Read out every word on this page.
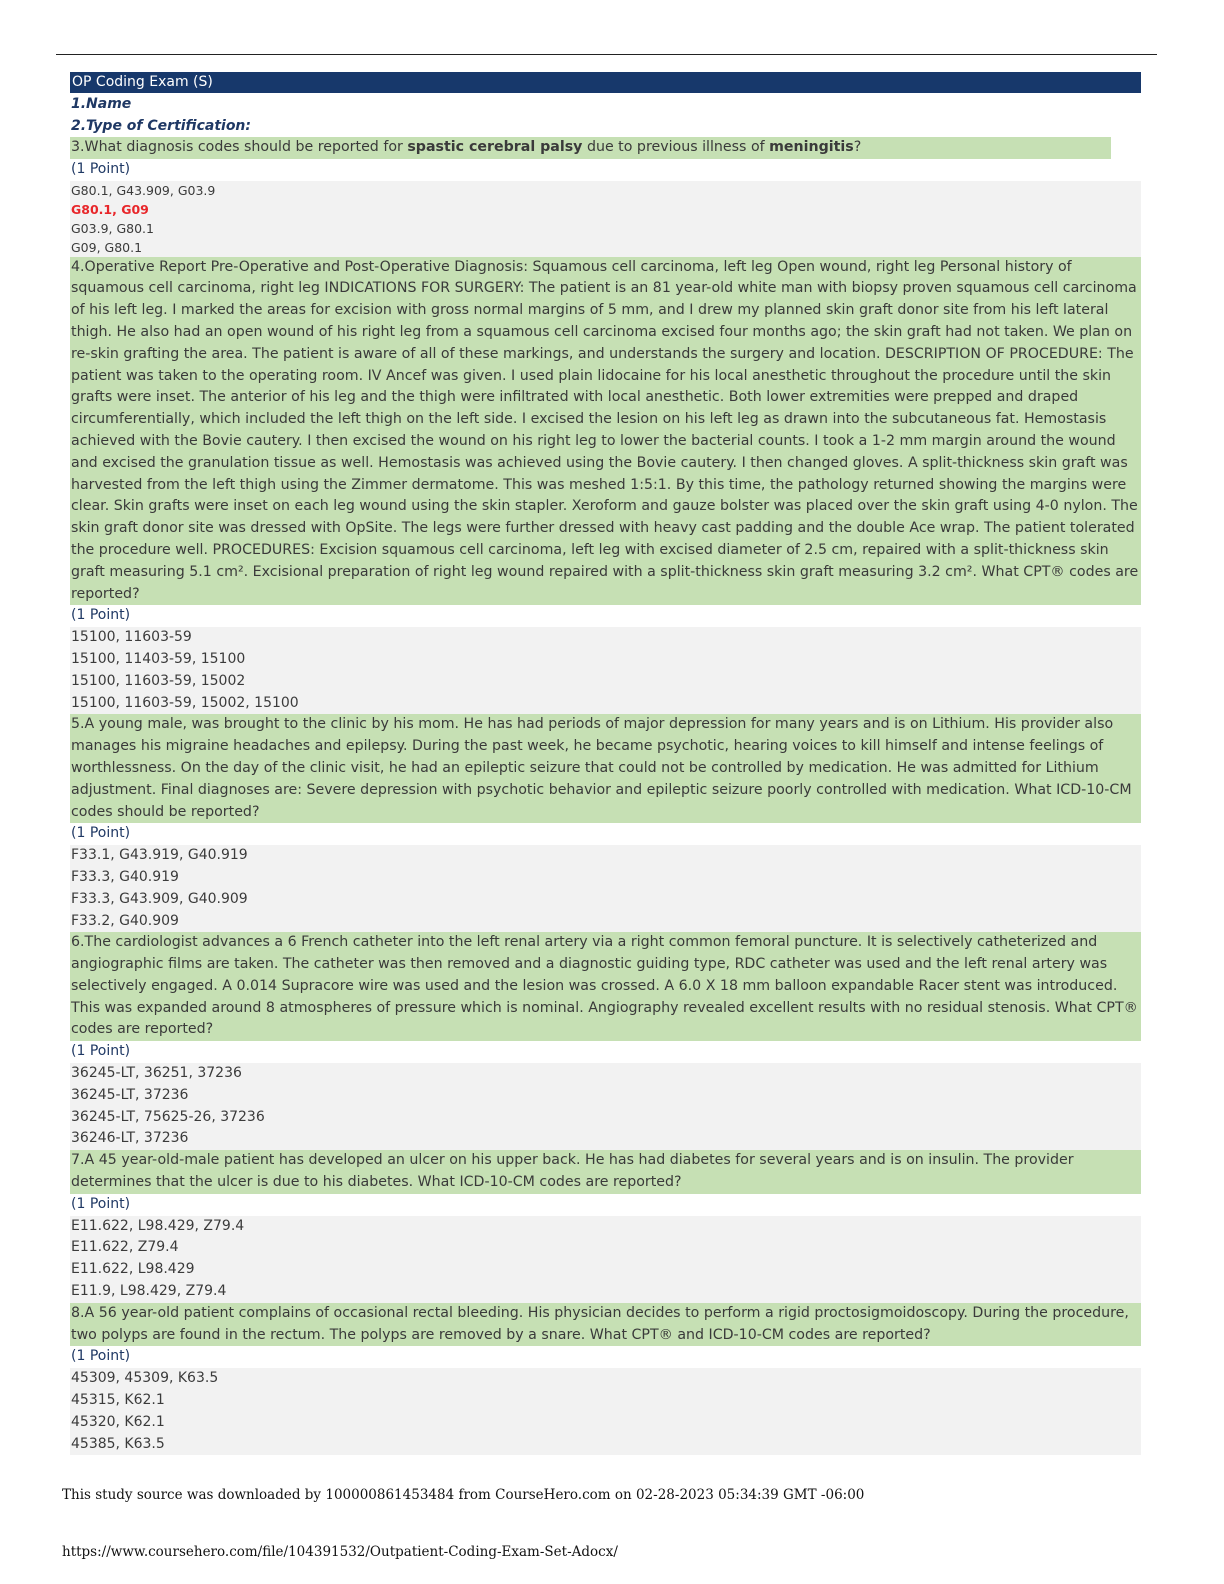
OP Coding Exam (S)
1.Name
2.Type of Certification:
3.What diagnosis codes should be reported for spastic cerebral palsy due to previous illness of meningitis?
(1 Point)
G80.1, G43.909, G03.9
G80.1, G09
G03.9, G80.1
G09, G80.1
4.Operative Report Pre-Operative and Post-Operative Diagnosis: Squamous cell carcinoma, left leg Open wound, right leg Personal history of squamous cell carcinoma, right leg INDICATIONS FOR SURGERY: The patient is an 81 year-old white man with biopsy proven squamous cell carcinoma of his left leg. I marked the areas for excision with gross normal margins of 5 mm, and I drew my planned skin graft donor site from his left lateral thigh. He also had an open wound of his right leg from a squamous cell carcinoma excised four months ago; the skin graft had not taken. We plan on re-skin grafting the area. The patient is aware of all of these markings, and understands the surgery and location. DESCRIPTION OF PROCEDURE: The patient was taken to the operating room. IV Ancef was given. I used plain lidocaine for his local anesthetic throughout the procedure until the skin grafts were inset. The anterior of his leg and the thigh were infiltrated with local anesthetic. Both lower extremities were prepped and draped circumferentially, which included the left thigh on the left side. I excised the lesion on his left leg as drawn into the subcutaneous fat. Hemostasis achieved with the Bovie cautery. I then excised the wound on his right leg to lower the bacterial counts. I took a 1-2 mm margin around the wound and excised the granulation tissue as well. Hemostasis was achieved using the Bovie cautery. I then changed gloves. A split-thickness skin graft was harvested from the left thigh using the Zimmer dermatome. This was meshed 1:5:1. By this time, the pathology returned showing the margins were clear. Skin grafts were inset on each leg wound using the skin stapler. Xeroform and gauze bolster was placed over the skin graft using 4-0 nylon. The skin graft donor site was dressed with OpSite. The legs were further dressed with heavy cast padding and the double Ace wrap. The patient tolerated the procedure well. PROCEDURES: Excision squamous cell carcinoma, left leg with excised diameter of 2.5 cm, repaired with a split-thickness skin graft measuring 5.1 cm². Excisional preparation of right leg wound repaired with a split-thickness skin graft measuring 3.2 cm². What CPT® codes are reported?
(1 Point)
15100, 11603-59
15100, 11403-59, 15100
15100, 11603-59, 15002
15100, 11603-59, 15002, 15100
5.A young male, was brought to the clinic by his mom. He has had periods of major depression for many years and is on Lithium. His provider also manages his migraine headaches and epilepsy. During the past week, he became psychotic, hearing voices to kill himself and intense feelings of worthlessness. On the day of the clinic visit, he had an epileptic seizure that could not be controlled by medication. He was admitted for Lithium adjustment. Final diagnoses are: Severe depression with psychotic behavior and epileptic seizure poorly controlled with medication. What ICD-10-CM codes should be reported?
(1 Point)
F33.1, G43.919, G40.919
F33.3, G40.919
F33.3, G43.909, G40.909
F33.2, G40.909
6.The cardiologist advances a 6 French catheter into the left renal artery via a right common femoral puncture. It is selectively catheterized and angiographic films are taken. The catheter was then removed and a diagnostic guiding type, RDC catheter was used and the left renal artery was selectively engaged. A 0.014 Supracore wire was used and the lesion was crossed. A 6.0 X 18 mm balloon expandable Racer stent was introduced. This was expanded around 8 atmospheres of pressure which is nominal. Angiography revealed excellent results with no residual stenosis. What CPT® codes are reported?
(1 Point)
36245-LT, 36251, 37236
36245-LT, 37236
36245-LT, 75625-26, 37236
36246-LT, 37236
7.A 45 year-old-male patient has developed an ulcer on his upper back. He has had diabetes for several years and is on insulin. The provider determines that the ulcer is due to his diabetes. What ICD-10-CM codes are reported?
(1 Point)
E11.622, L98.429, Z79.4
E11.622, Z79.4
E11.622, L98.429
E11.9, L98.429, Z79.4
8.A 56 year-old patient complains of occasional rectal bleeding. His physician decides to perform a rigid proctosigmoidoscopy. During the procedure, two polyps are found in the rectum. The polyps are removed by a snare. What CPT® and ICD-10-CM codes are reported?
(1 Point)
45309, 45309, K63.5
45315, K62.1
45320, K62.1
45385, K63.5
This study source was downloaded by 100000861453484 from CourseHero.com on 02-28-2023 05:34:39 GMT -06:00
https://www.coursehero.com/file/104391532/Outpatient-Coding-Exam-Set-Adocx/
